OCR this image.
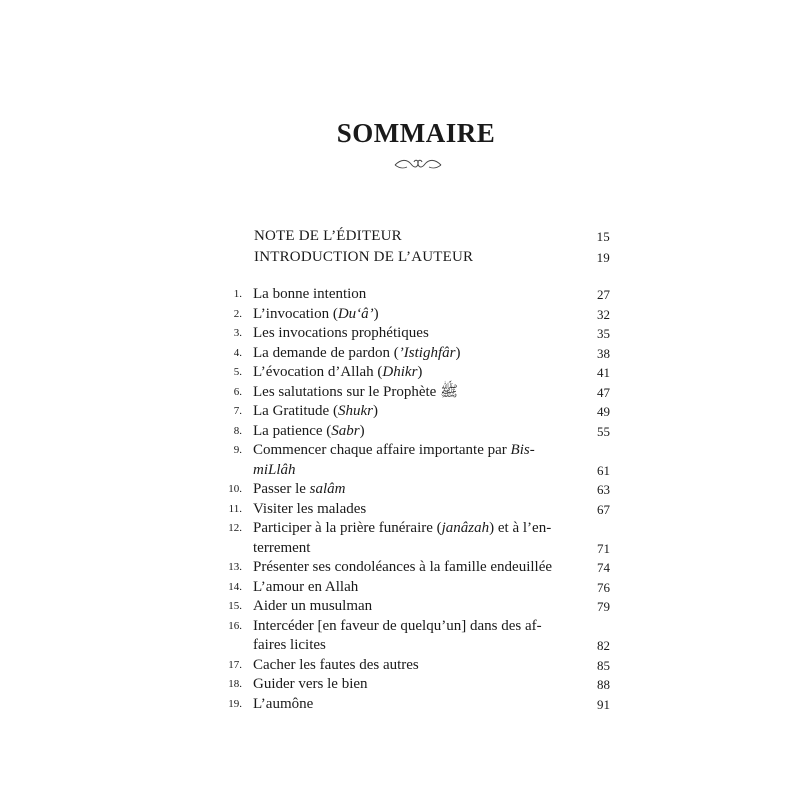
SOMMAIRE
NOTE DE L’ÉDITEUR	15
INTRODUCTION DE L’AUTEUR	19
1. La bonne intention	27
2. L’invocation (Du‘â’)	32
3. Les invocations prophétiques	35
4. La demande de pardon (’Istighfâr)	38
5. L’évocation d’Allah (Dhikr)	41
6. Les salutations sur le Prophète ﷺ	47
7. La Gratitude (Shukr)	49
8. La patience (Sabr)	55
9. Commencer chaque affaire importante par Bis-
miLlâh	61
10. Passer le salâm	63
11. Visiter les malades	67
12. Participer à la prière funéraire (janâzah) et à l’en-
terrement	71
13. Présenter ses condoléances à la famille endeuillée	74
14. L’amour en Allah	76
15. Aider un musulman	79
16. Intercéder [en faveur de quelqu’un] dans des af-
faires licites	82
17. Cacher les fautes des autres	85
18. Guider vers le bien	88
19. L’aumône	91
